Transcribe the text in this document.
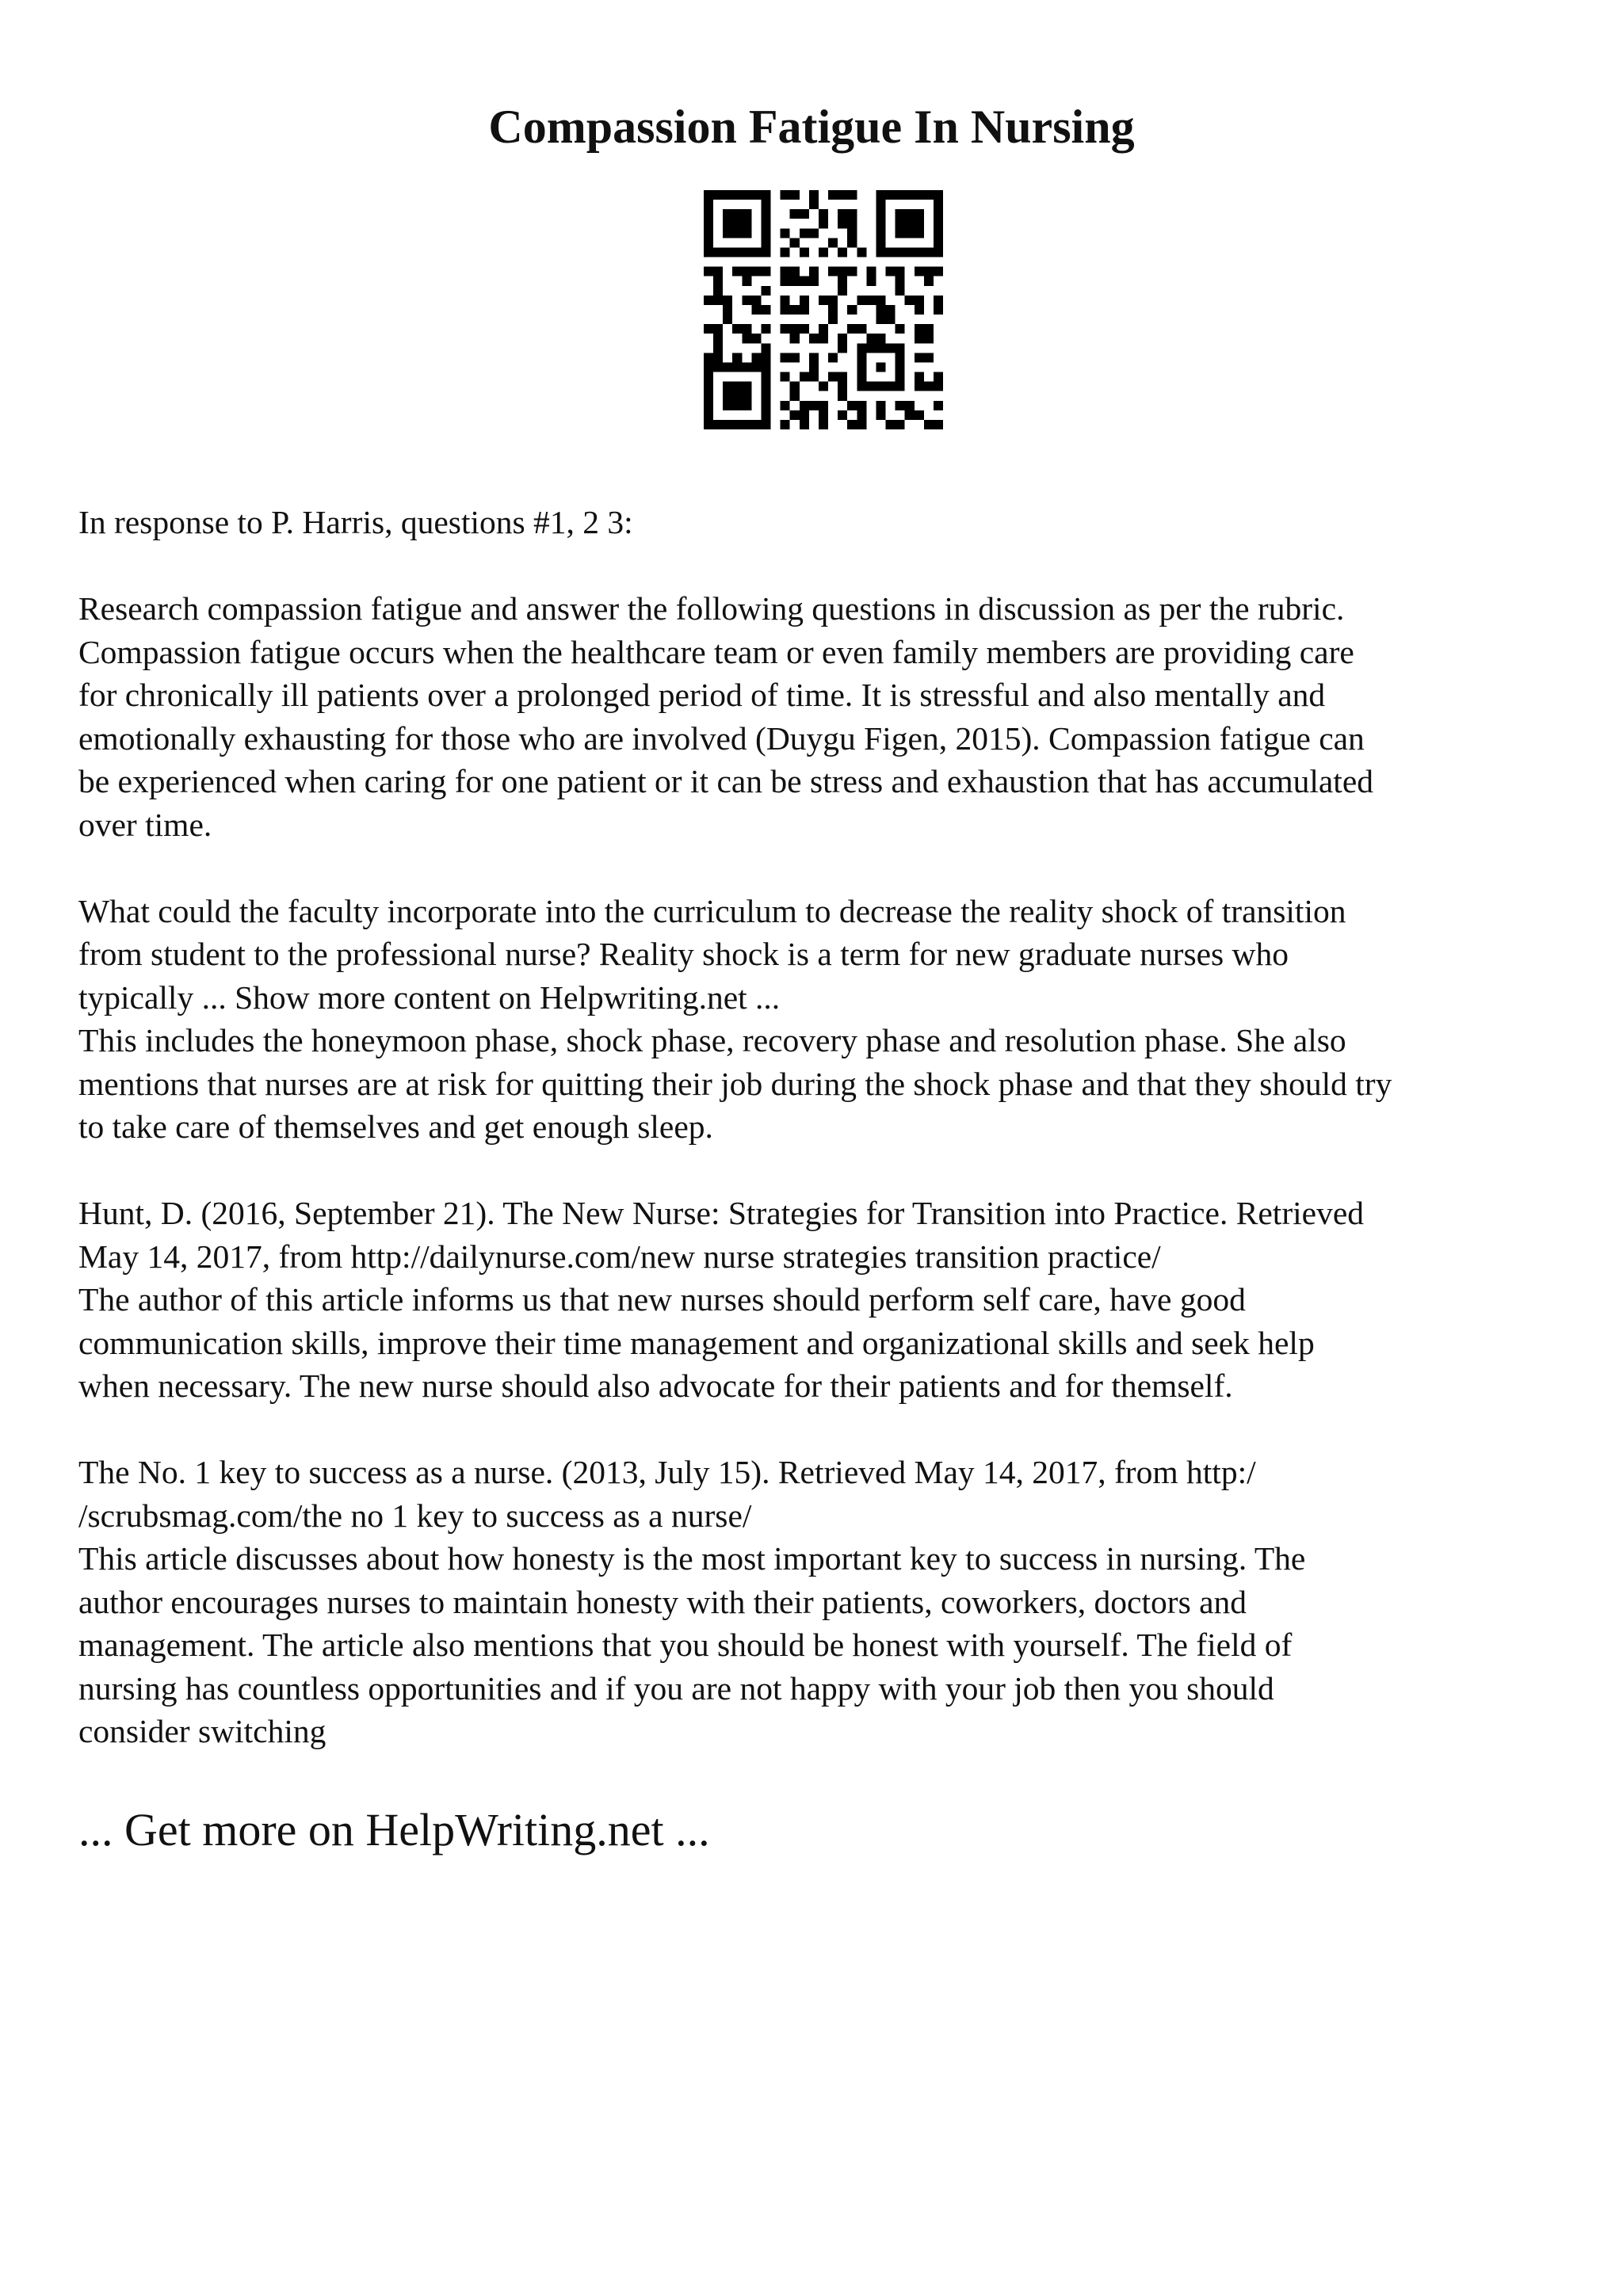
Compassion Fatigue In Nursing

In response to P. Harris, questions #1, 2 3:

Research compassion fatigue and answer the following questions in discussion as per the rubric.
Compassion fatigue occurs when the healthcare team or even family members are providing care
for chronically ill patients over a prolonged period of time. It is stressful and also mentally and
emotionally exhausting for those who are involved (Duygu Figen, 2015). Compassion fatigue can
be experienced when caring for one patient or it can be stress and exhaustion that has accumulated
over time.

What could the faculty incorporate into the curriculum to decrease the reality shock of transition
from student to the professional nurse? Reality shock is a term for new graduate nurses who
typically ... Show more content on Helpwriting.net ...

This includes the honeymoon phase, shock phase, recovery phase and resolution phase. She also
mentions that nurses are at risk for quitting their job during the shock phase and that they should try
to take care of themselves and get enough sleep.

Hunt, D. (2016, September 21). The New Nurse: Strategies for Transition into Practice. Retrieved
May 14, 2017, from http://dailynurse.com/new nurse strategies transition practice/
The author of this article informs us that new nurses should perform self care, have good
communication skills, improve their time management and organizational skills and seek help
when necessary. The new nurse should also advocate for their patients and for themself.

The No. 1 key to success as a nurse. (2013, July 15). Retrieved May 14, 2017, from http:/
/scrubsmag.com/the no 1 key to success as a nurse/
This article discusses about how honesty is the most important key to success in nursing. The
author encourages nurses to maintain honesty with their patients, coworkers, doctors and
management. The article also mentions that you should be honest with yourself. The field of
nursing has countless opportunities and if you are not happy with your job then you should
consider switching

... Get more on HelpWriting.net ...
